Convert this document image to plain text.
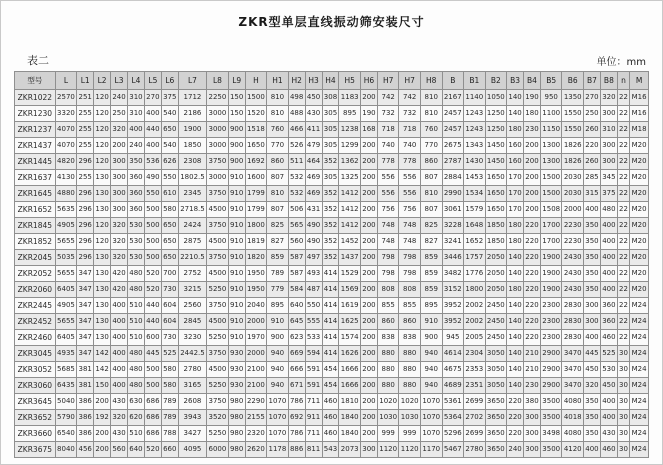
ZKR型单层直线振动筛安装尺寸
表二	单位：mm
型号	L	L1	L2	L3	L4	L5	L6	L7	L8	L9	H	H1	H2	H3	H4	H5	H6	H7	H7	H8	B	B1	B2	B3	B4	B5	B6	B7	B8	n	M
ZKR1022	2570	251	120	240	310	270	375	1712	2250	150	1500	810	498	450	308	1183	200	742	742	810	2167	1140	1050	140	190	950	1350	270	320	22	M16
ZKR1230	3320	255	120	250	310	400	540	2186	3000	150	1520	810	488	430	305	895	190	732	732	810	2457	1243	1250	140	180	1100	1550	250	300	22	M16
ZKR1237	4070	255	120	320	400	440	650	1900	3000	900	1518	760	466	411	305	1238	168	718	718	760	2457	1243	1250	180	230	1150	1550	260	310	22	M18
ZKR1437	4070	255	120	200	240	400	540	1850	3000	900	1650	770	526	479	305	1299	200	740	740	770	2675	1343	1450	160	200	1300	1826	220	300	22	M20
ZKR1445	4820	296	120	300	350	536	626	2308	3750	900	1692	860	511	464	352	1362	200	778	778	860	2787	1430	1450	160	200	1300	1826	260	300	22	M20
ZKR1637	4130	255	130	300	360	490	550	1802.5	3000	910	1600	807	532	469	305	1325	200	556	556	807	2884	1453	1650	170	200	1500	2030	285	345	22	M20
ZKR1645	4880	296	130	300	360	550	610	2345	3750	910	1799	810	532	469	352	1412	200	556	556	810	2990	1534	1650	170	200	1500	2030	315	375	22	M20
ZKR1652	5635	296	130	300	360	500	580	2718.5	4500	910	1799	807	506	431	352	1412	200	756	756	807	3061	1579	1650	170	200	1508	2000	400	480	22	M20
ZKR1845	4905	296	120	320	530	500	650	2424	3750	910	1800	825	565	490	352	1412	200	748	748	825	3228	1648	1850	180	220	1700	2230	350	400	22	M20
ZKR1852	5655	296	120	320	530	500	650	2875	4500	910	1819	827	560	490	352	1452	200	748	748	827	3241	1652	1850	180	220	1700	2230	350	400	22	M20
ZKR2045	5035	296	130	320	530	500	650	2210.5	3750	910	1820	859	587	497	352	1437	200	798	798	859	3446	1757	2050	140	220	1900	2430	350	400	22	M20
ZKR2052	5655	347	130	420	480	520	700	2752	4500	910	1950	789	587	493	414	1529	200	798	798	859	3482	1776	2050	140	220	1900	2430	350	400	22	M20
ZKR2060	6405	347	130	420	480	520	730	3215	5250	910	1950	779	584	487	414	1569	200	808	808	859	3152	1800	2050	180	220	1900	2430	350	400	22	M20
ZKR2445	4905	347	130	400	510	440	604	2560	3750	910	2040	895	640	550	414	1619	200	855	855	895	3952	2002	2450	140	220	2300	2830	300	360	22	M24
ZKR2452	5655	347	130	400	510	440	604	2845	4500	910	2000	910	645	555	414	1625	200	860	860	910	3952	2002	2450	140	220	2300	2830	300	360	22	M24
ZKR2460	6405	347	130	400	510	600	730	3230	5250	910	1970	900	623	533	414	1574	200	838	838	900	945	2005	2450	140	220	2300	2830	400	460	22	M24
ZKR3045	4935	347	142	400	480	445	525	2442.5	3750	930	2000	940	669	594	414	1626	200	880	880	940	4614	2304	3050	140	210	2900	3470	445	525	30	M24
ZKR3052	5685	381	142	400	480	500	580	2780	4500	930	2100	940	666	591	454	1666	200	880	880	940	4675	2353	3050	140	210	2900	3470	450	530	30	M24
ZKR3060	6435	381	150	400	480	500	580	3165	5250	930	2100	940	671	591	454	1666	200	880	880	940	4689	2351	3050	140	230	2900	3470	320	450	30	M24
ZKR3645	5040	386	200	430	630	686	789	2608	3750	980	2290	1070	786	711	460	1810	200	1020	1020	1070	5361	2699	3650	220	380	3500	4080	350	400	30	M24
ZKR3652	5790	386	192	320	620	686	789	3943	3520	980	2155	1070	692	911	460	1840	200	1030	1030	1070	5364	2702	3650	220	300	3500	4018	350	400	30	M24
ZKR3660	6540	386	200	430	510	686	788	3427	5250	980	2320	1070	786	711	460	1840	200	999	999	1070	5296	2699	3650	220	300	3498	4080	350	430	30	M24
ZKR3675	8040	456	200	560	640	520	660	4095	6000	980	2620	1178	886	811	543	2073	300	1120	1120	1170	5467	2780	3650	240	300	3500	4120	400	460	30	M24
